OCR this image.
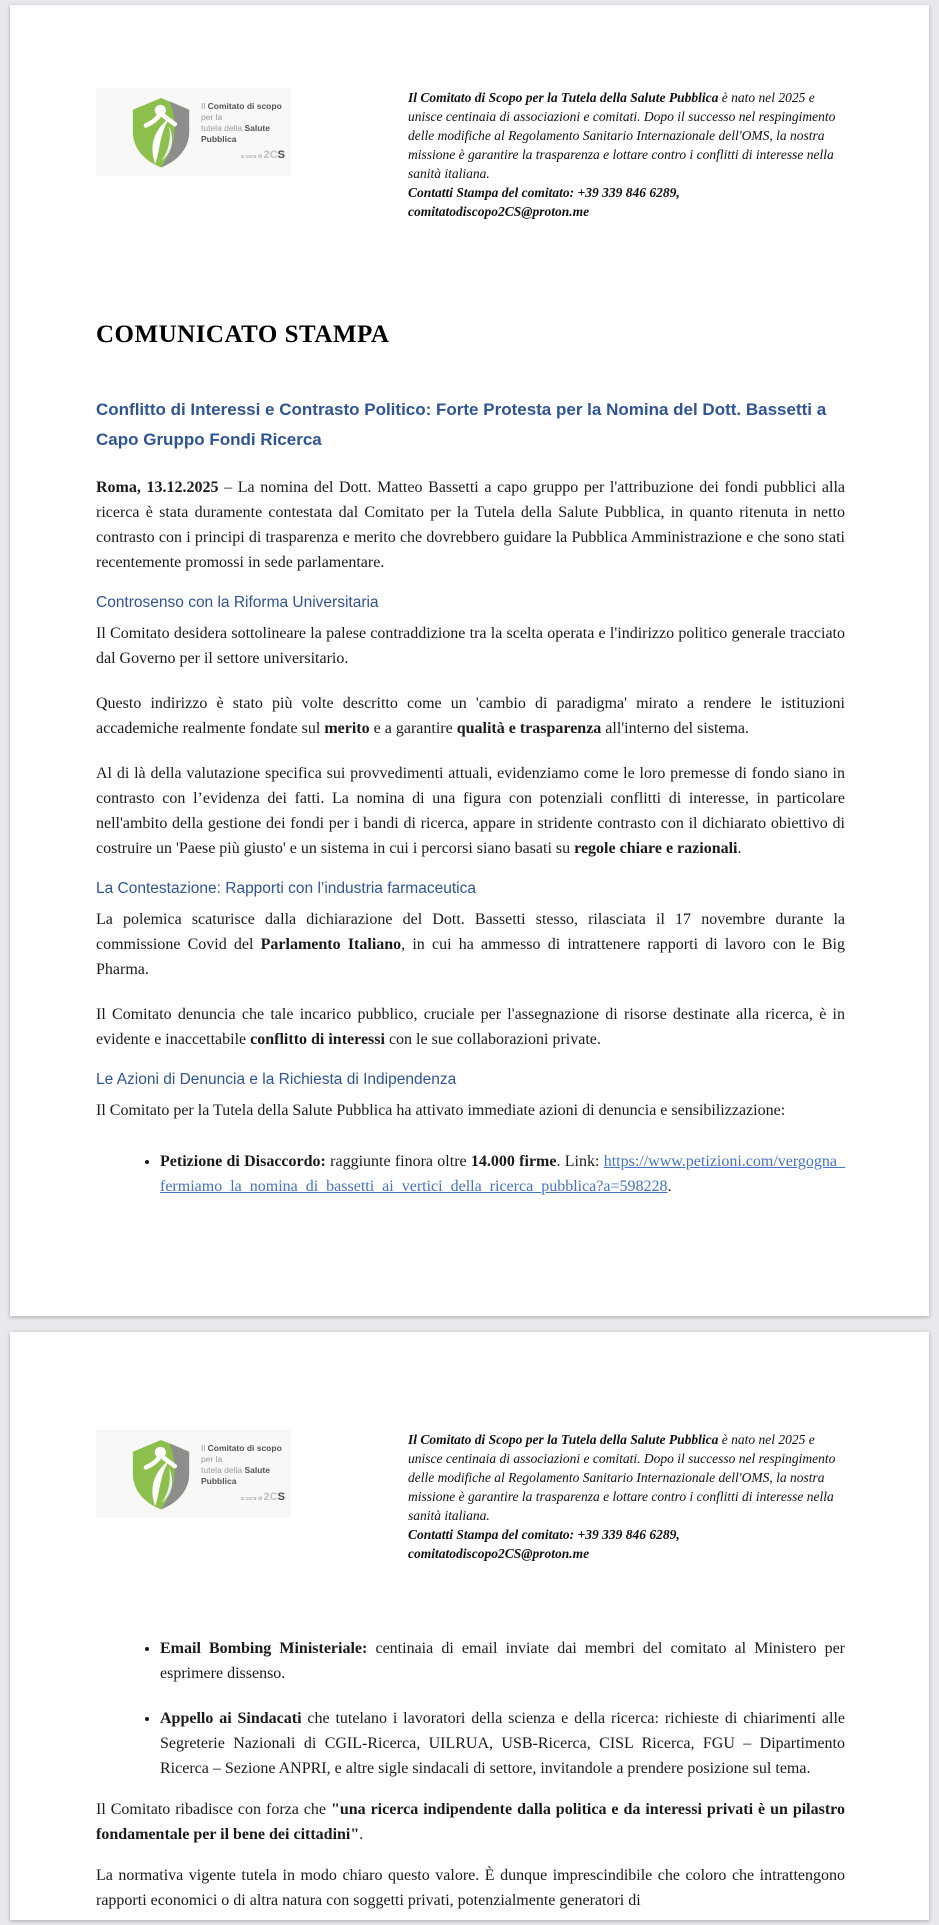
Il Comitato di scopo per la
tutela della Salute Pubblica
a cura di 2CS
Il Comitato di Scopo per la Tutela della Salute Pubblica è nato nel 2025 e unisce centinaia di associazioni e comitati. Dopo il successo nel respingimento delle modifiche al Regolamento Sanitario Internazionale dell'OMS, la nostra missione è garantire la trasparenza e lottare contro i conflitti di interesse nella sanità italiana.
Contatti Stampa del comitato: +39 339 846 6289,
comitatodiscopo2CS@proton.me
COMUNICATO STAMPA
Conflitto di Interessi e Contrasto Politico: Forte Protesta per la Nomina del Dott. Bassetti a Capo Gruppo Fondi Ricerca

Roma, 13.12.2025 – La nomina del Dott. Matteo Bassetti a capo gruppo per l'attribuzione dei fondi pubblici alla ricerca è stata duramente contestata dal Comitato per la Tutela della Salute Pubblica, in quanto ritenuta in netto contrasto con i principi di trasparenza e merito che dovrebbero guidare la Pubblica Amministrazione e che sono stati recentemente promossi in sede parlamentare.

Controsenso con la Riforma Universitaria

Il Comitato desidera sottolineare la palese contraddizione tra la scelta operata e l'indirizzo politico generale tracciato dal Governo per il settore universitario.

Questo indirizzo è stato più volte descritto come un 'cambio di paradigma' mirato a rendere le istituzioni accademiche realmente fondate sul merito e a garantire qualità e trasparenza all'interno del sistema.

Al di là della valutazione specifica sui provvedimenti attuali, evidenziamo come le loro premesse di fondo siano in contrasto con l’evidenza dei fatti. La nomina di una figura con potenziali conflitti di interesse, in particolare nell'ambito della gestione dei fondi per i bandi di ricerca, appare in stridente contrasto con il dichiarato obiettivo di costruire un 'Paese più giusto' e un sistema in cui i percorsi siano basati su regole chiare e razionali.

La Contestazione: Rapporti con l’industria farmaceutica

La polemica scaturisce dalla dichiarazione del Dott. Bassetti stesso, rilasciata il 17 novembre durante la commissione Covid del Parlamento Italiano, in cui ha ammesso di intrattenere rapporti di lavoro con le Big Pharma.

Il Comitato denuncia che tale incarico pubblico, cruciale per l'assegnazione di risorse destinate alla ricerca, è in evidente e inaccettabile conflitto di interessi con le sue collaborazioni private.

Le Azioni di Denuncia e la Richiesta di Indipendenza

Il Comitato per la Tutela della Salute Pubblica ha attivato immediate azioni di denuncia e sensibilizzazione:

• Petizione di Disaccordo: raggiunte finora oltre 14.000 firme. Link: https://www.petizioni.com/vergogna_fermiamo_la_nomina_di_bassetti_ai_vertici_della_ricerca_pubblica?a=598228.
Il Comitato di scopo per la
tutela della Salute Pubblica
a cura di 2CS
Il Comitato di Scopo per la Tutela della Salute Pubblica è nato nel 2025 e unisce centinaia di associazioni e comitati. Dopo il successo nel respingimento delle modifiche al Regolamento Sanitario Internazionale dell'OMS, la nostra missione è garantire la trasparenza e lottare contro i conflitti di interesse nella sanità italiana.
Contatti Stampa del comitato: +39 339 846 6289,
comitatodiscopo2CS@proton.me
• Email Bombing Ministeriale: centinaia di email inviate dai membri del comitato al Ministero per esprimere dissenso.
• Appello ai Sindacati che tutelano i lavoratori della scienza e della ricerca: richieste di chiarimenti alle Segreterie Nazionali di CGIL-Ricerca, UILRUA, USB-Ricerca, CISL Ricerca, FGU – Dipartimento Ricerca – Sezione ANPRI, e altre sigle sindacali di settore, invitandole a prendere posizione sul tema.

Il Comitato ribadisce con forza che "una ricerca indipendente dalla politica e da interessi privati è un pilastro fondamentale per il bene dei cittadini".

La normativa vigente tutela in modo chiaro questo valore. È dunque imprescindibile che coloro che intrattengono rapporti economici o di altra natura con soggetti privati, potenzialmente generatori di
